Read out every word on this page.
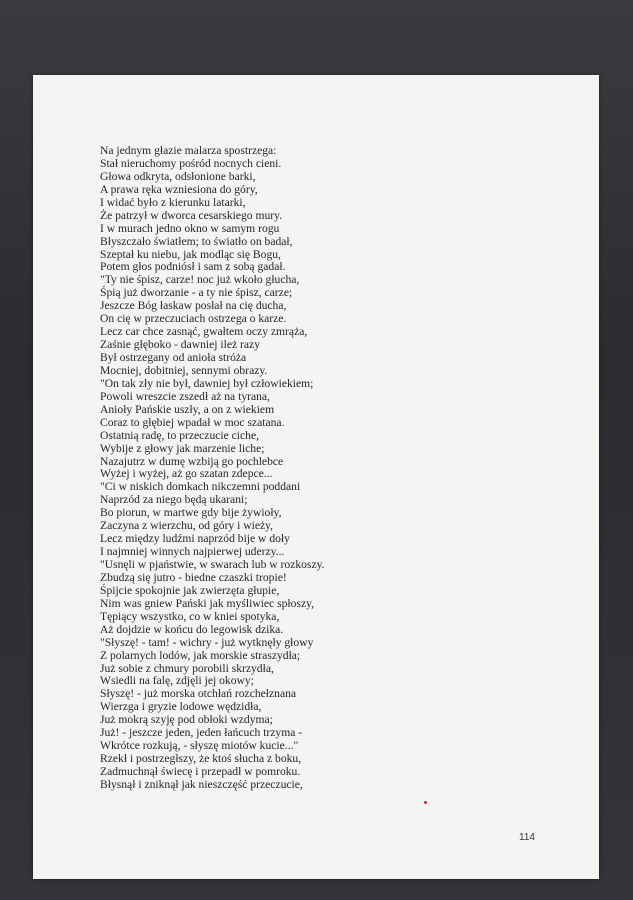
Na jednym głazie malarza spostrzega:
Stał nieruchomy pośród nocnych cieni.
Głowa odkryta, odsłonione barki,
A prawa ręka wzniesiona do góry,
I widać było z kierunku latarki,
Że patrzył w dworca cesarskiego mury.
I w murach jedno okno w samym rogu
Błyszczało światłem; to światło on badał,
Szeptał ku niebu, jak modląc się Bogu,
Potem głos podniósł i sam z sobą gadał.
"Ty nie śpisz, carze! noc już wkoło głucha,
Śpią już dworzanie - a ty nie śpisz, carze;
Jeszcze Bóg łaskaw posłał na cię ducha,
On cię w przeczuciach ostrzega o karze.
Lecz car chce zasnąć, gwałtem oczy zmrąża,
Zaśnie głęboko - dawniej ileż razy
Był ostrzegany od anioła stróża
Mocniej, dobitniej, sennymi obrazy.
"On tak zły nie był, dawniej był człowiekiem;
Powoli wreszcie zszedł aż na tyrana,
Anioły Pańskie uszły, a on z wiekiem
Coraz to głębiej wpadał w moc szatana.
Ostatnią radę, to przeczucie ciche,
Wybije z głowy jak marzenie liche;
Nazajutrz w dumę wzbiją go pochlebce
Wyżej i wyżej, aż go szatan zdepce...
"Ci w niskich domkach nikczemni poddani
Naprzód za niego będą ukarani;
Bo piorun, w martwe gdy bije żywioły,
Zaczyna z wierzchu, od góry i wieży,
Lecz między ludźmi naprzód bije w doły
I najmniej winnych najpierwej uderzy...
"Usnęli w pjaństwie, w swarach lub w rozkoszy.
Zbudzą się jutro - biedne czaszki tropie!
Śpijcie spokojnie jak zwierzęta głupie,
Nim was gniew Pański jak myśliwiec spłoszy,
Tępiący wszystko, co w kniei spotyka,
Aż dojdzie w końcu do legowisk dzika.
"Słyszę! - tam! - wichry - już wytknęły głowy
Z polarnych lodów, jak morskie straszydła;
Już sobie z chmury porobili skrzydła,
Wsiedli na falę, zdjęli jej okowy;
Słyszę! - już morska otchłań rozchełznana
Wierzga i gryzie lodowe wędzidła,
Już mokrą szyję pod obłoki wzdyma;
Już! - jeszcze jeden, jeden łańcuch trzyma -
Wkrótce rozkują, - słyszę miotów kucie..."
Rzekł i postrzegłszy, że ktoś słucha z boku,
Zadmuchnął świecę i przepadł w pomroku.
Błysnął i zniknął jak nieszczęść przeczucie,
114
